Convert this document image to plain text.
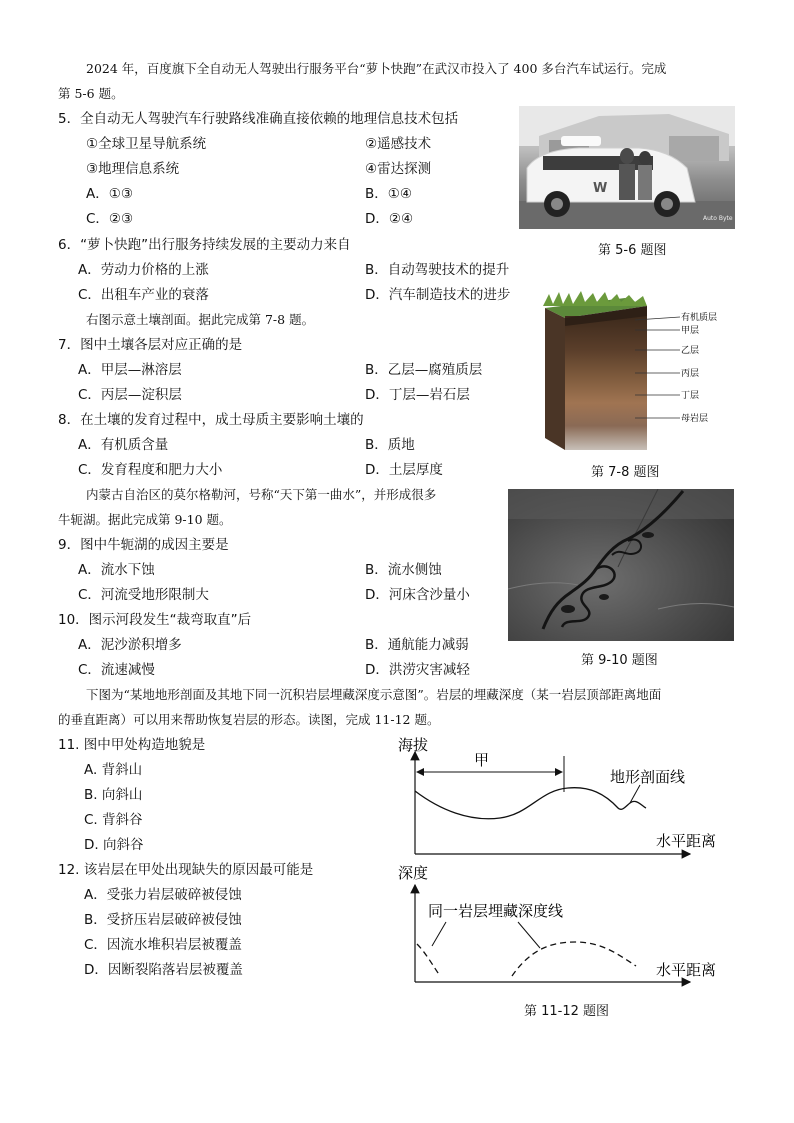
2024 年，百度旗下全自动无人驾驶出行服务平台“萝卜快跑”在武汉市投入了 400 多台汽车试运行。完成
第 5-6 题。
5．全自动无人驾驶汽车行驶路线准确直接依赖的地理信息技术包括
①全球卫星导航系统	②遥感技术
③地理信息系统	④雷达探测
A．①③	B．①④
C．②③	D．②④
W
Auto Byte
第 5-6 题图
6．“萝卜快跑”出行服务持续发展的主要动力来自
A．劳动力价格的上涨	B．自动驾驶技术的提升
C．出租车产业的衰落	D．汽车制造技术的进步
右图示意土壤剖面。据此完成第 7-8 题。
7．图中土壤各层对应正确的是
A．甲层—淋溶层	B．乙层—腐殖质层
C．丙层—淀积层	D．丁层—岩石层
8．在土壤的发育过程中，成土母质主要影响土壤的
A．有机质含量	B．质地
C．发育程度和肥力大小	D．土层厚度
有机质层
甲层
乙层
丙层
丁层
母岩层
第 7-8 题图
内蒙古自治区的莫尔格勒河，号称“天下第一曲水”，并形成很多
牛轭湖。据此完成第 9-10 题。
第 9-10 题图
9．图中牛轭湖的成因主要是
A．流水下蚀	B．流水侧蚀
C．河流受地形限制大	D．河床含沙量小
10．图示河段发生“裁弯取直”后
A．泥沙淤积增多	B．通航能力减弱
C．流速减慢	D．洪涝灾害减轻
下图为“某地地形剖面及其地下同一沉积岩层埋藏深度示意图”。岩层的埋藏深度（某一岩层顶部距离地面
的垂直距离）可以用来帮助恢复岩层的形态。读图，完成 11-12 题。
11. 图中甲处构造地貌是
A. 背斜山
B. 向斜山
C. 背斜谷
D. 向斜谷
12. 该岩层在甲处出现缺失的原因最可能是
A．受张力岩层破碎被侵蚀
B．受挤压岩层破碎被侵蚀
C．因流水堆积岩层被覆盖
D．因断裂陷落岩层被覆盖
海拔
水平距离
甲
地形剖面线
深度
水平距离
同一岩层埋藏深度线
第 11-12 题图
